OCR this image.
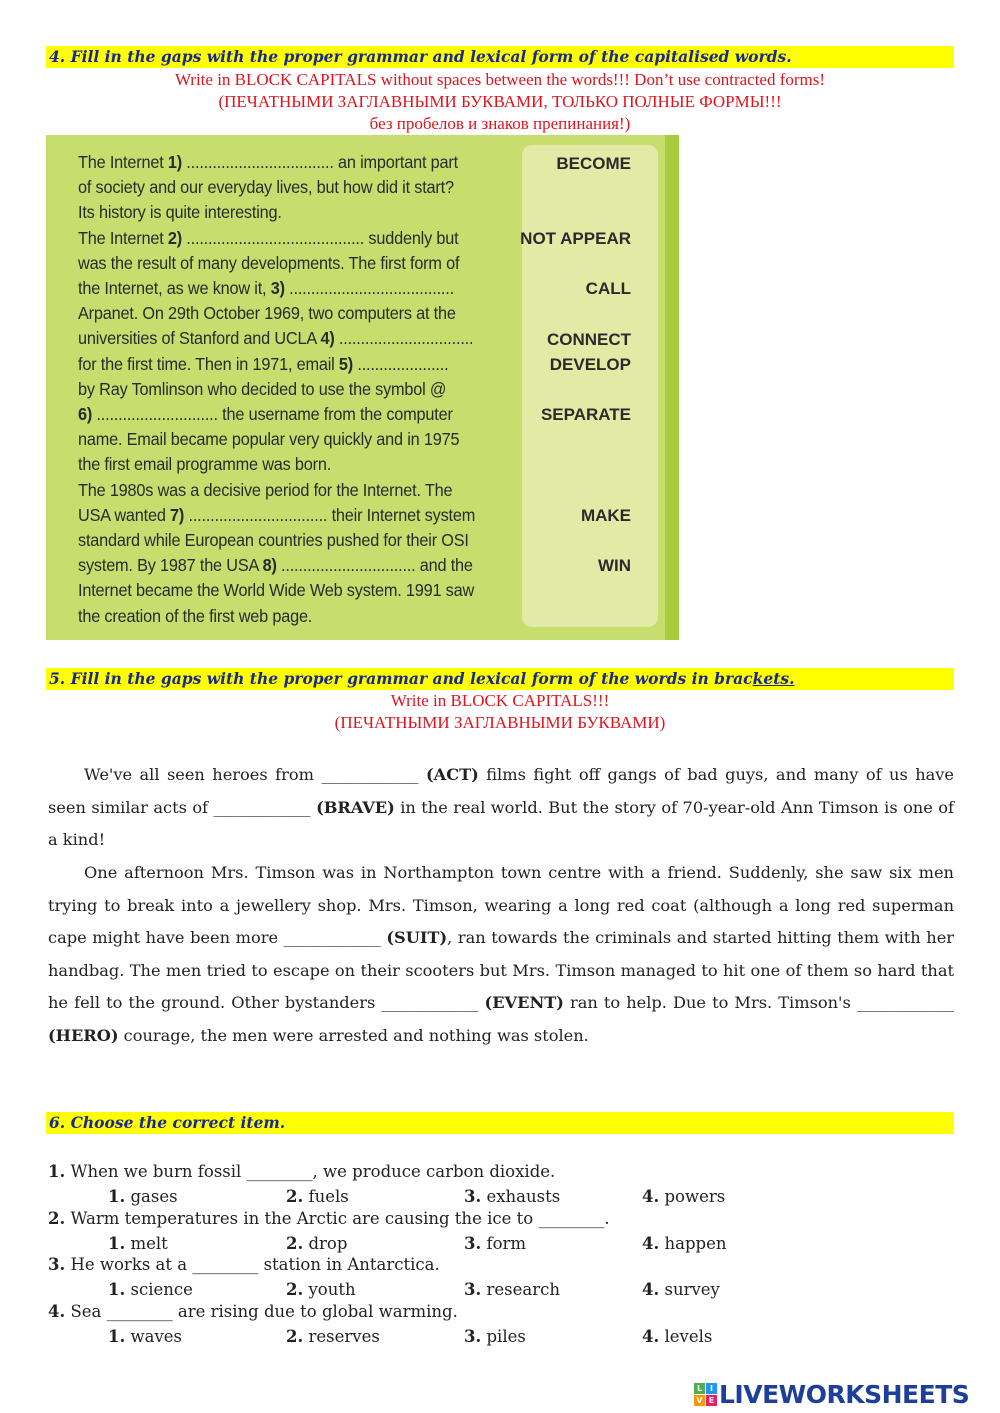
4. Fill in the gaps with the proper grammar and lexical form of the capitalised words.
Write in BLOCK CAPITALS without spaces between the words!!! Don’t use contracted forms!
(ПЕЧАТНЫМИ ЗАГЛАВНЫМИ БУКВАМИ, ТОЛЬКО ПОЛНЫЕ ФОРМЫ!!!
без пробелов и знаков препинания!)

The Internet 1) .................................. an important part

of society and our everyday lives, but how did it start?

Its history is quite interesting.

The Internet 2) ......................................... suddenly but

was the result of many developments. The first form of

the Internet, as we know it, 3) ......................................

Arpanet. On 29th October 1969, two computers at the

universities of Stanford and UCLA 4) ...............................

for the first time. Then in 1971, email 5) .....................

by Ray Tomlinson who decided to use the symbol @

6) ............................ the username from the computer

name. Email became popular very quickly and in 1975

the first email programme was born.

The 1980s was a decisive period for the Internet. The

USA wanted 7) ................................ their Internet system

standard while European countries pushed for their OSI

system. By 1987 the USA 8) ............................... and the

Internet became the World Wide Web system. 1991 saw

the creation of the first web page.

BECOME
NOT APPEAR
CALL
CONNECT
DEVELOP
SEPARATE
MAKE
WIN
5. Fill in the gaps with the proper grammar and lexical form of the words in brackets.
Write in BLOCK CAPITALS!!!
(ПЕЧАТНЫМИ ЗАГЛАВНЫМИ БУКВАМИ)
We've all seen heroes from ____________ (ACT) films fight off gangs of bad guys, and many of us have seen similar acts of ____________ (BRAVE) in the real world. But the story of 70-year-old Ann Timson is one of a kind!
One afternoon Mrs. Timson was in Northampton town centre with a friend. Suddenly, she saw six men trying to break into a jewellery shop. Mrs. Timson, wearing a long red coat (although a long red superman cape might have been more ____________ (SUIT), ran towards the criminals and started hitting them with her handbag. The men tried to escape on their scooters but Mrs. Timson managed to hit one of them so hard that he fell to the ground. Other bystanders ____________ (EVENT) ran to help. Due to Mrs. Timson's ____________ (HERO) courage, the men were arrested and nothing was stolen.
6. Choose the correct item.
1. When we burn fossil ________, we produce carbon dioxide.
1. gases	2. fuels	3. exhausts	4. powers
2. Warm temperatures in the Arctic are causing the ice to ________.
1. melt	2. drop	3. form	4. happen
3. He works at a ________ station in Antarctica.
1. science	2. youth	3. research	4. survey
4. Sea ________ are rising due to global warming.
1. waves	2. reserves	3. piles	4. levels
L I
V E LIVEWORKSHEETS
